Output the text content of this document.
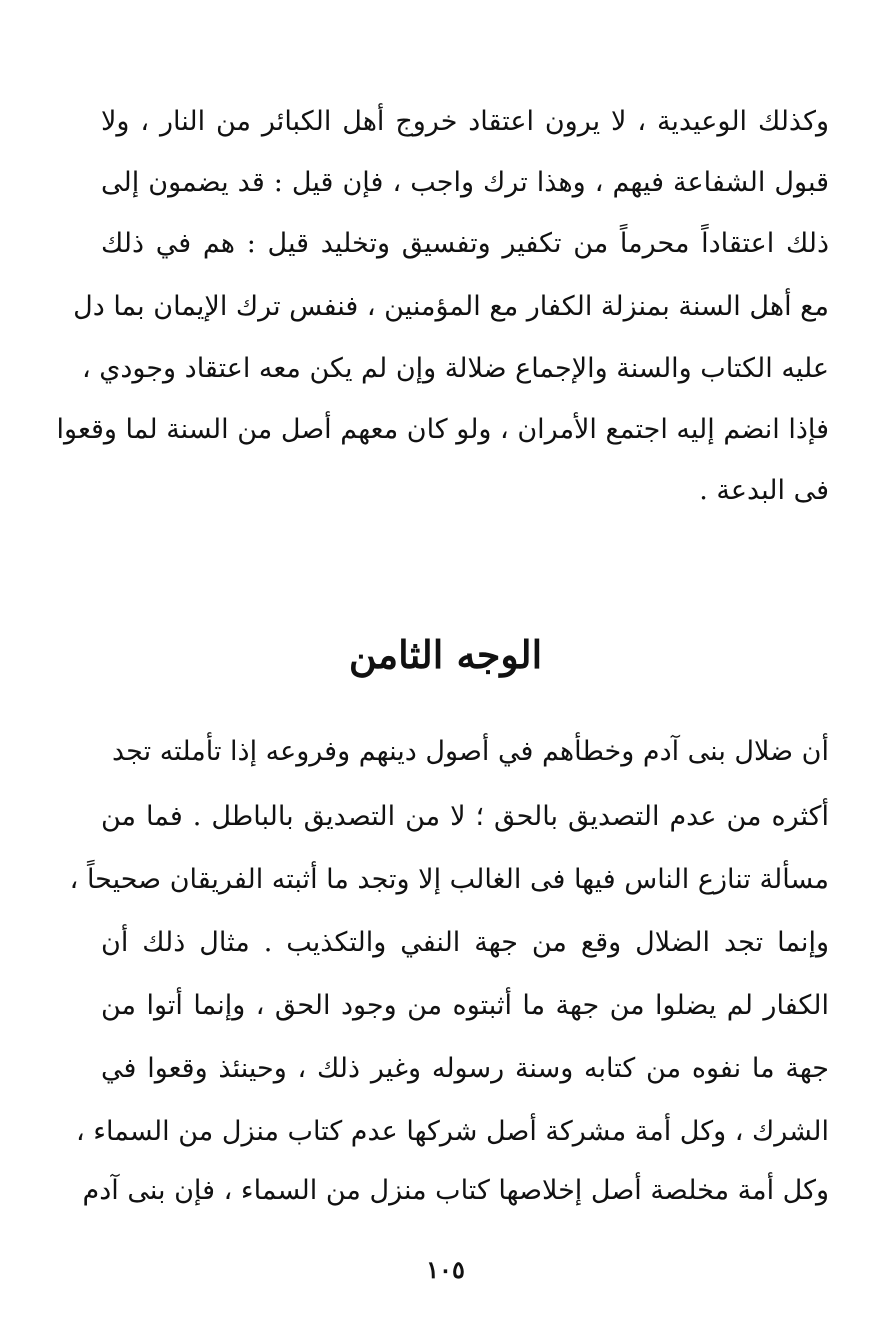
وكذلك الوعيدية ، لا يرون اعتقاد خروج أهل الكبائر من النار ، ولا
قبول الشفاعة فيهم ، وهذا ترك واجب ، فإن قيل : قد يضمون إلى
ذلك اعتقاداً محرماً من تكفير وتفسيق وتخليد قيل : هم في ذلك
مع أهل السنة بمنزلة الكفار مع المؤمنين ، فنفس ترك الإيمان بما دل
عليه الكتاب والسنة والإجماع ضلالة وإن لم يكن معه اعتقاد وجودي ،
فإذا انضم إليه اجتمع الأمران ، ولو كان معهم أصل من السنة لما وقعوا
فى البدعة .
الوجه الثامن
أن ضلال بنى آدم وخطأهم في أصول دينهم وفروعه إذا تأملته تجد
أكثره من عدم التصديق بالحق ؛ لا من التصديق بالباطل . فما من
مسألة تنازع الناس فيها فى الغالب إلا وتجد ما أثبته الفريقان صحيحاً ،
وإنما تجد الضلال وقع من جهة النفي والتكذيب . مثال ذلك أن
الكفار لم يضلوا من جهة ما أثبتوه من وجود الحق ، وإنما أتوا من
جهة ما نفوه من كتابه وسنة رسوله وغير ذلك ، وحينئذ وقعوا في
الشرك ، وكل أمة مشركة أصل شركها عدم كتاب منزل من السماء ،
وكل أمة مخلصة أصل إخلاصها كتاب منزل من السماء ، فإن بنى آدم
١٠٥
